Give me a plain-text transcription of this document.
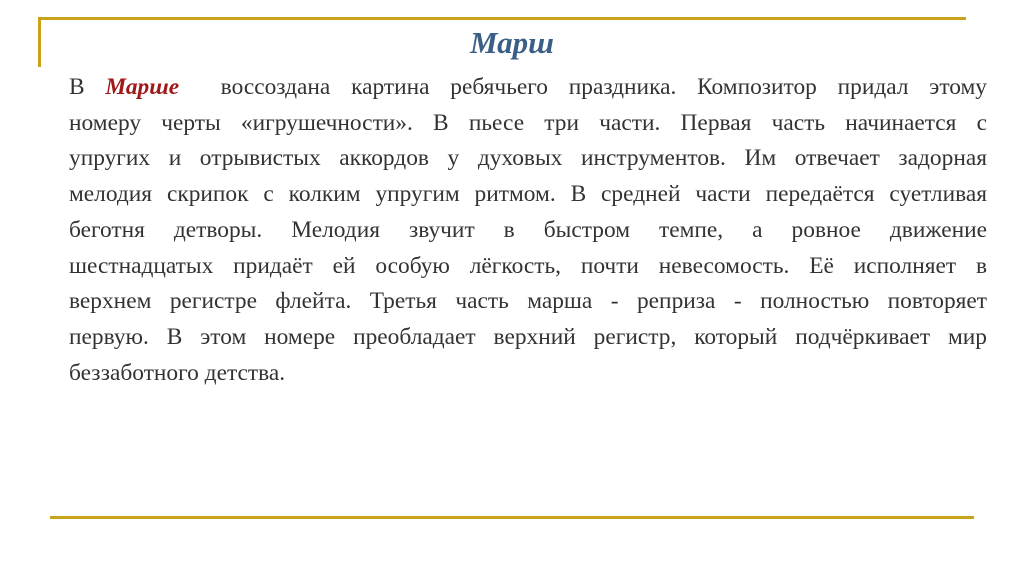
Марш

В Марше  воссоздана картина ребячьего праздника. Композитор придал этому
номеру черты «игрушечности». В пьесе три части. Первая часть начинается с
упругих и отрывистых аккордов у духовых инструментов. Им отвечает задорная
мелодия скрипок с колким упругим ритмом. В средней части передаётся суетливая
беготня детворы. Мелодия звучит в быстром темпе, а ровное движение
шестнадцатых придаёт ей особую лёгкость, почти невесомость. Её исполняет в
верхнем регистре флейта. Третья часть марша - реприза - полностью повторяет
первую. В этом номере преобладает верхний регистр, который подчёркивает мир
беззаботного детства.
